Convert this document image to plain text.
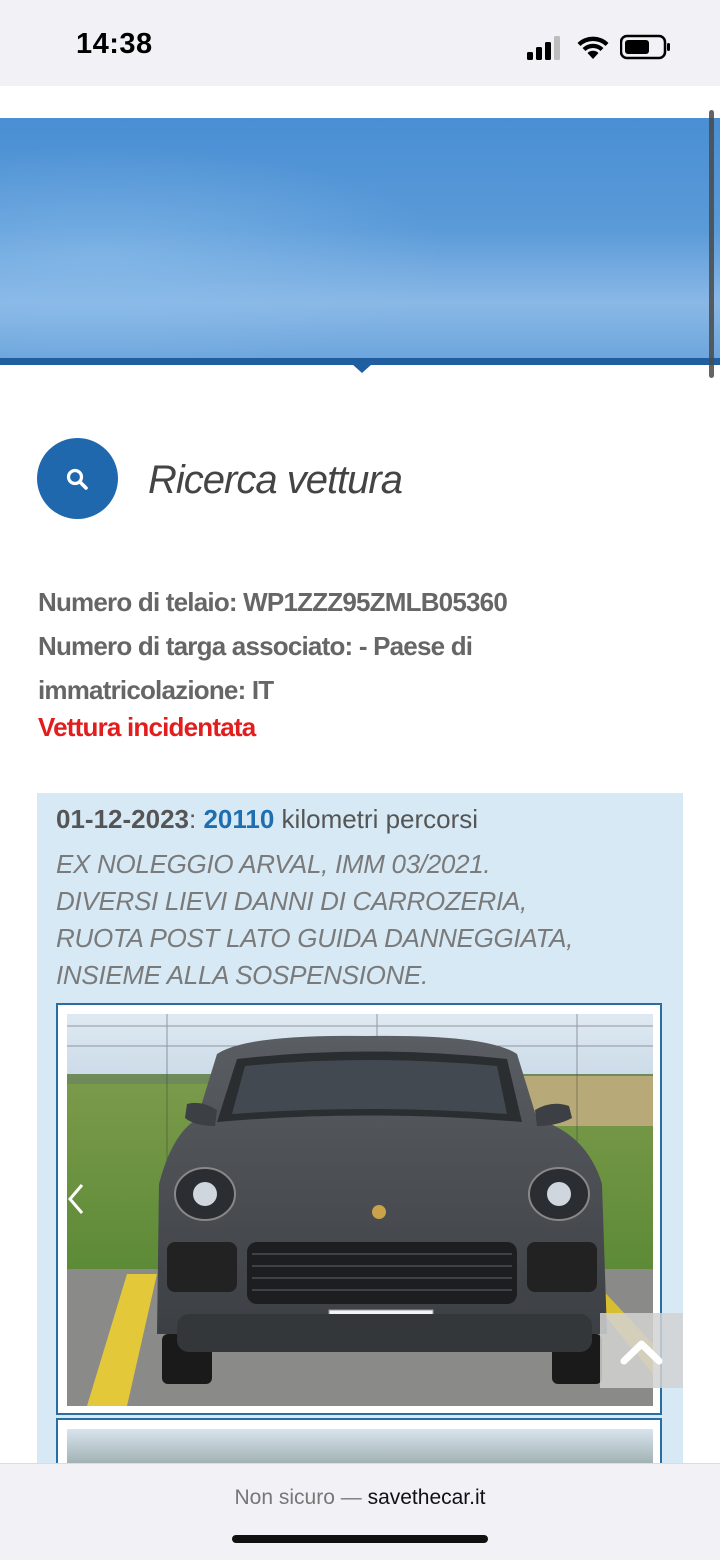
14:38
Ricerca vettura
Numero di telaio: WP1ZZZ95ZMLB05360
Numero di targa associato: - Paese di
immatricolazione: IT
Vettura incidentata
01-12-2023: 20110 kilometri percorsi
EX NOLEGGIO ARVAL, IMM 03/2021.
DIVERSI LIEVI DANNI DI CARROZERIA,
RUOTA POST LATO GUIDA DANNEGGIATA,
INSIEME ALLA SOSPENSIONE.
Non sicuro — savethecar.it
